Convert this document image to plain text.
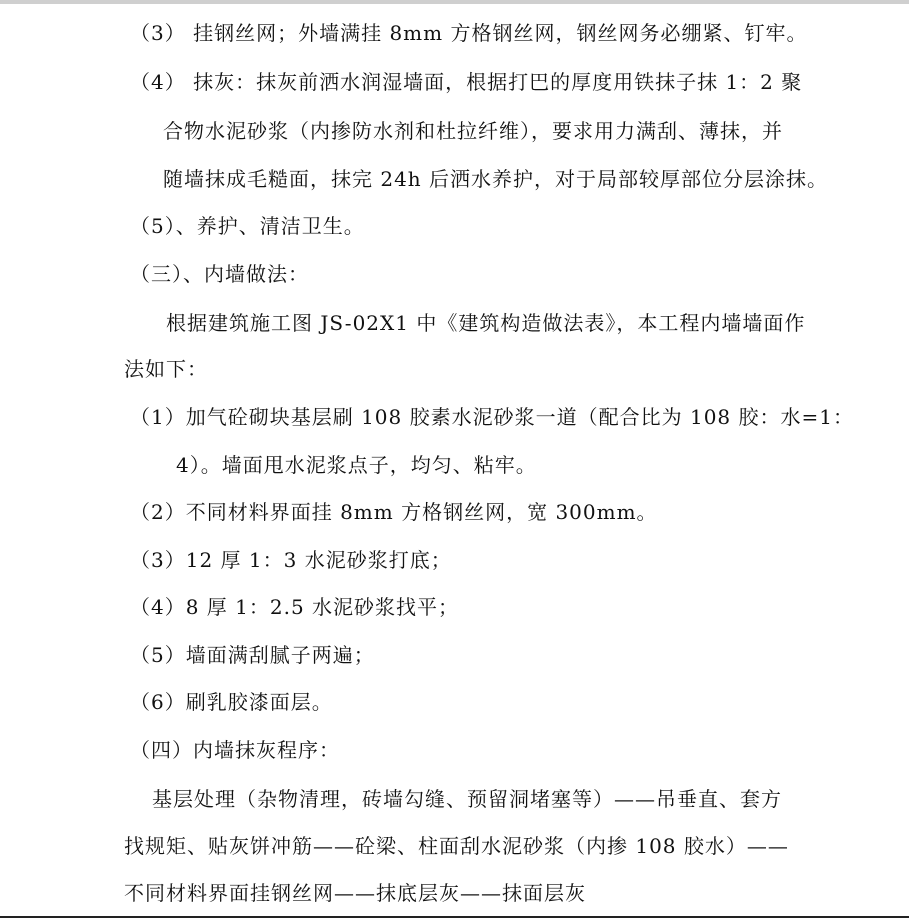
（3） 挂钢丝网；外墙满挂 8mm 方格钢丝网，钢丝网务必绷紧、钉牢。
（4） 抹灰：抹灰前洒水润湿墙面，根据打巴的厚度用铁抹子抹 1：2 聚
合物水泥砂浆（内掺防水剂和杜拉纤维），要求用力满刮、薄抹，并
随墙抹成毛糙面，抹完 24h 后洒水养护，对于局部较厚部位分层涂抹。
（5）、养护、清洁卫生。
（三）、内墙做法：
根据建筑施工图 JS-02X1 中《建筑构造做法表》，本工程内墙墙面作
法如下：
（1）加气砼砌块基层刷 108 胶素水泥砂浆一道（配合比为 108 胶：水=1：
4）。墙面甩水泥浆点子，均匀、粘牢。
（2）不同材料界面挂 8mm 方格钢丝网，宽 300mm。
（3）12 厚 1：3 水泥砂浆打底；
（4）8 厚 1：2.5 水泥砂浆找平；
（5）墙面满刮腻子两遍；
（6）刷乳胶漆面层。
（四）内墙抹灰程序：
基层处理（杂物清理，砖墙勾缝、预留洞堵塞等）——吊垂直、套方
找规矩、贴灰饼冲筋——砼梁、柱面刮水泥砂浆（内掺 108 胶水）——
不同材料界面挂钢丝网——抹底层灰——抹面层灰
